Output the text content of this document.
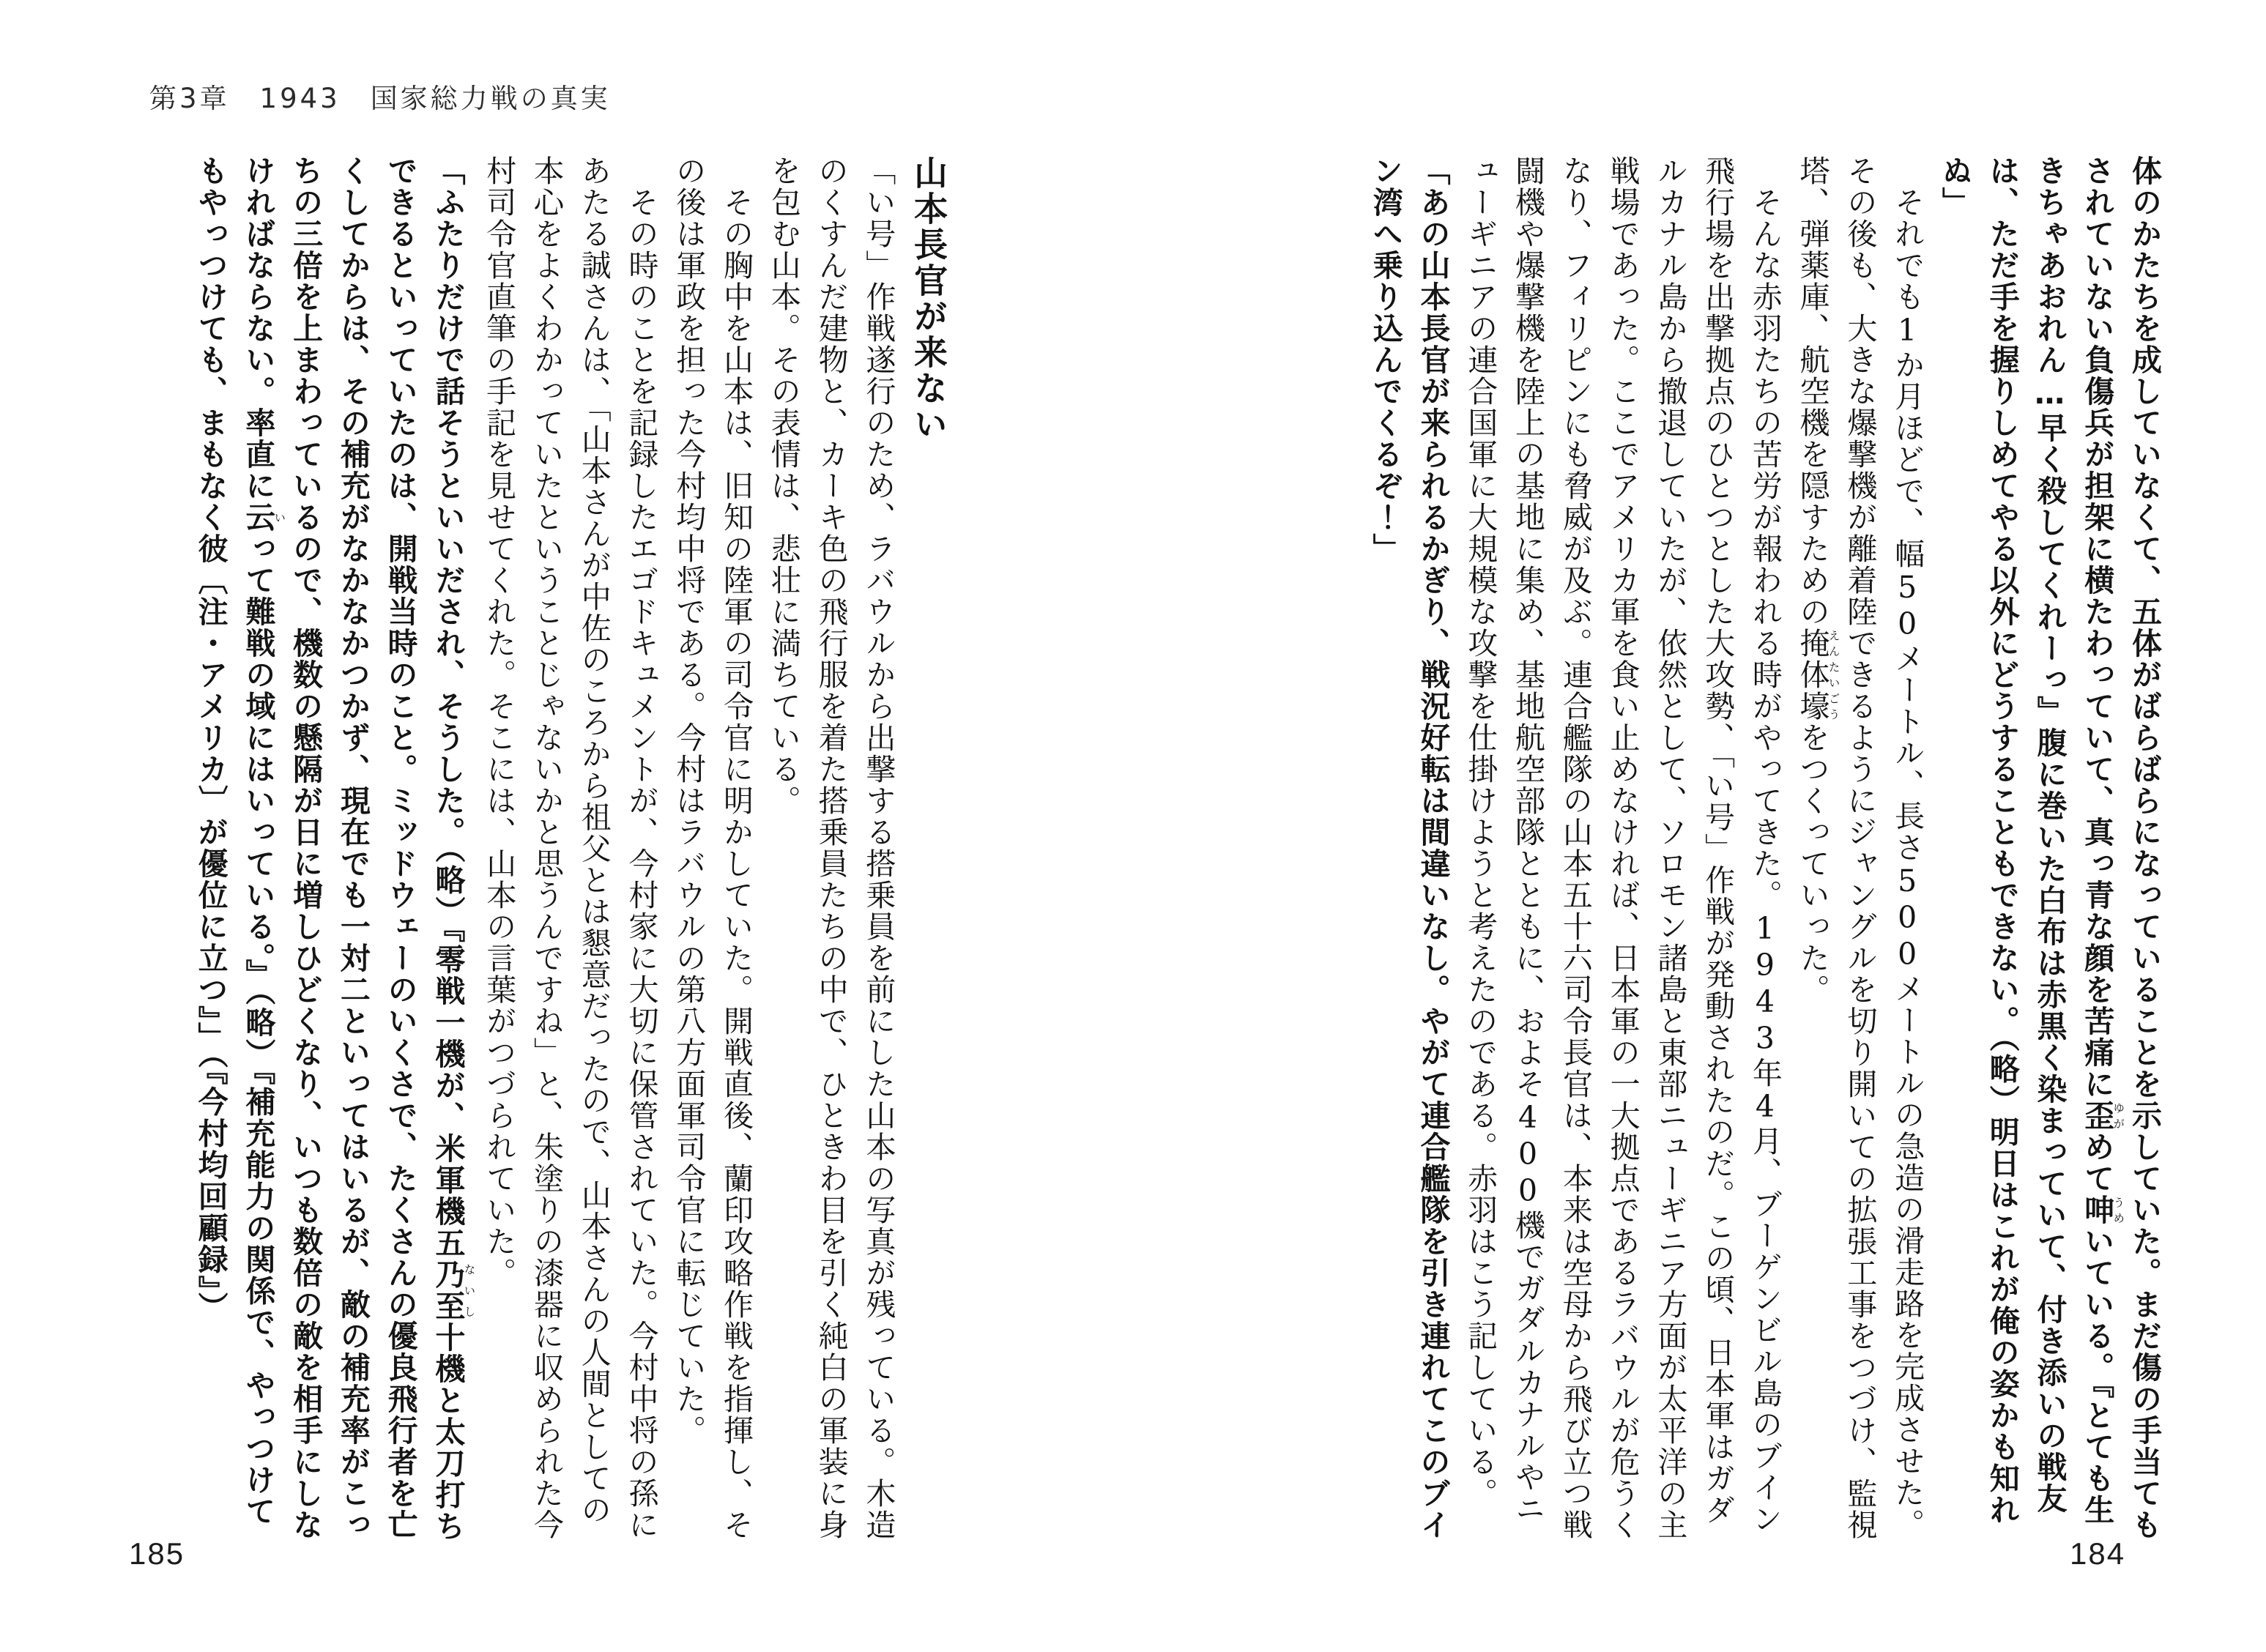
第3章　1943　国家総力戦の真実

体のかたちを成していなくて、五体がばらばらになっていることを示していた。まだ傷の手当てもされていない負傷兵が担架に横たわっていて、真っ青な顔を苦痛に歪ゆがめて呻うめいている。『とても生きちゃあおれん…早く殺してくれーっ』腹に巻いた白布は赤黒く染まっていて、付き添いの戦友は、ただ手を握りしめてやる以外にどうすることもできない。（略）明日はこれが俺の姿かも知れぬ」

それでも1か月ほどで、幅50メートル、長さ500メートルの急造の滑走路を完成させた。その後も、大きな爆撃機が離着陸できるようにジャングルを切り開いての拡張工事をつづけ、監視塔、弾薬庫、航空機を隠すための掩体壕えんたいごうをつくっていった。

そんな赤羽たちの苦労が報われる時がやってきた。1943年4月、ブーゲンビル島のブイン飛行場を出撃拠点のひとつとした大攻勢、「い号」作戦が発動されたのだ。この頃、日本軍はガダルカナル島から撤退していたが、依然として、ソロモン諸島と東部ニューギニア方面が太平洋の主戦場であった。ここでアメリカ軍を食い止めなければ、日本軍の一大拠点であるラバウルが危うくなり、フィリピンにも脅威が及ぶ。連合艦隊の山本五十六司令長官は、本来は空母から飛び立つ戦闘機や爆撃機を陸上の基地に集め、基地航空部隊とともに、およそ400機でガダルカナルやニューギニアの連合国軍に大規模な攻撃を仕掛けようと考えたのである。赤羽はこう記している。

「あの山本長官が来られるかぎり、戦況好転は間違いなし。やがて連合艦隊を引き連れてこのブイン湾へ乗り込んでくるぞ！」

山本長官が来ない

「い号」作戦遂行のため、ラバウルから出撃する搭乗員を前にした山本の写真が残っている。木造のくすんだ建物と、カーキ色の飛行服を着た搭乗員たちの中で、ひときわ目を引く純白の軍装に身を包む山本。その表情は、悲壮に満ちている。

その胸中を山本は、旧知の陸軍の司令官に明かしていた。開戦直後、蘭印攻略作戦を指揮し、その後は軍政を担った今村均中将である。今村はラバウルの第八方面軍司令官に転じていた。

その時のことを記録したエゴドキュメントが、今村家に大切に保管されていた。今村中将の孫にあたる誠さんは、「山本さんが中佐のころから祖父とは懇意だったので、山本さんの人間としての本心をよくわかっていたということじゃないかと思うんですね」と、朱塗りの漆器に収められた今村司令官直筆の手記を見せてくれた。そこには、山本の言葉がつづられていた。

「ふたりだけで話そうといいだされ、そうした。（略）『零戦一機が、米軍機五乃至ないし十機と太刀打ちできるといっていたのは、開戦当時のこと。ミッドウェーのいくさで、たくさんの優良飛行者を亡くしてからは、その補充がなかなかつかず、現在でも一対二といってはいるが、敵の補充率がこっちの三倍を上まわっているので、機数の懸隔が日に増しひどくなり、いつも数倍の敵を相手にしなければならない。率直に云いって難戦の域にはいっている。』（略）『補充能力の関係で、やっつけてもやっつけても、まもなく彼〔注・アメリカ〕が優位に立つ』」（『今村均回顧録』）

184
185
